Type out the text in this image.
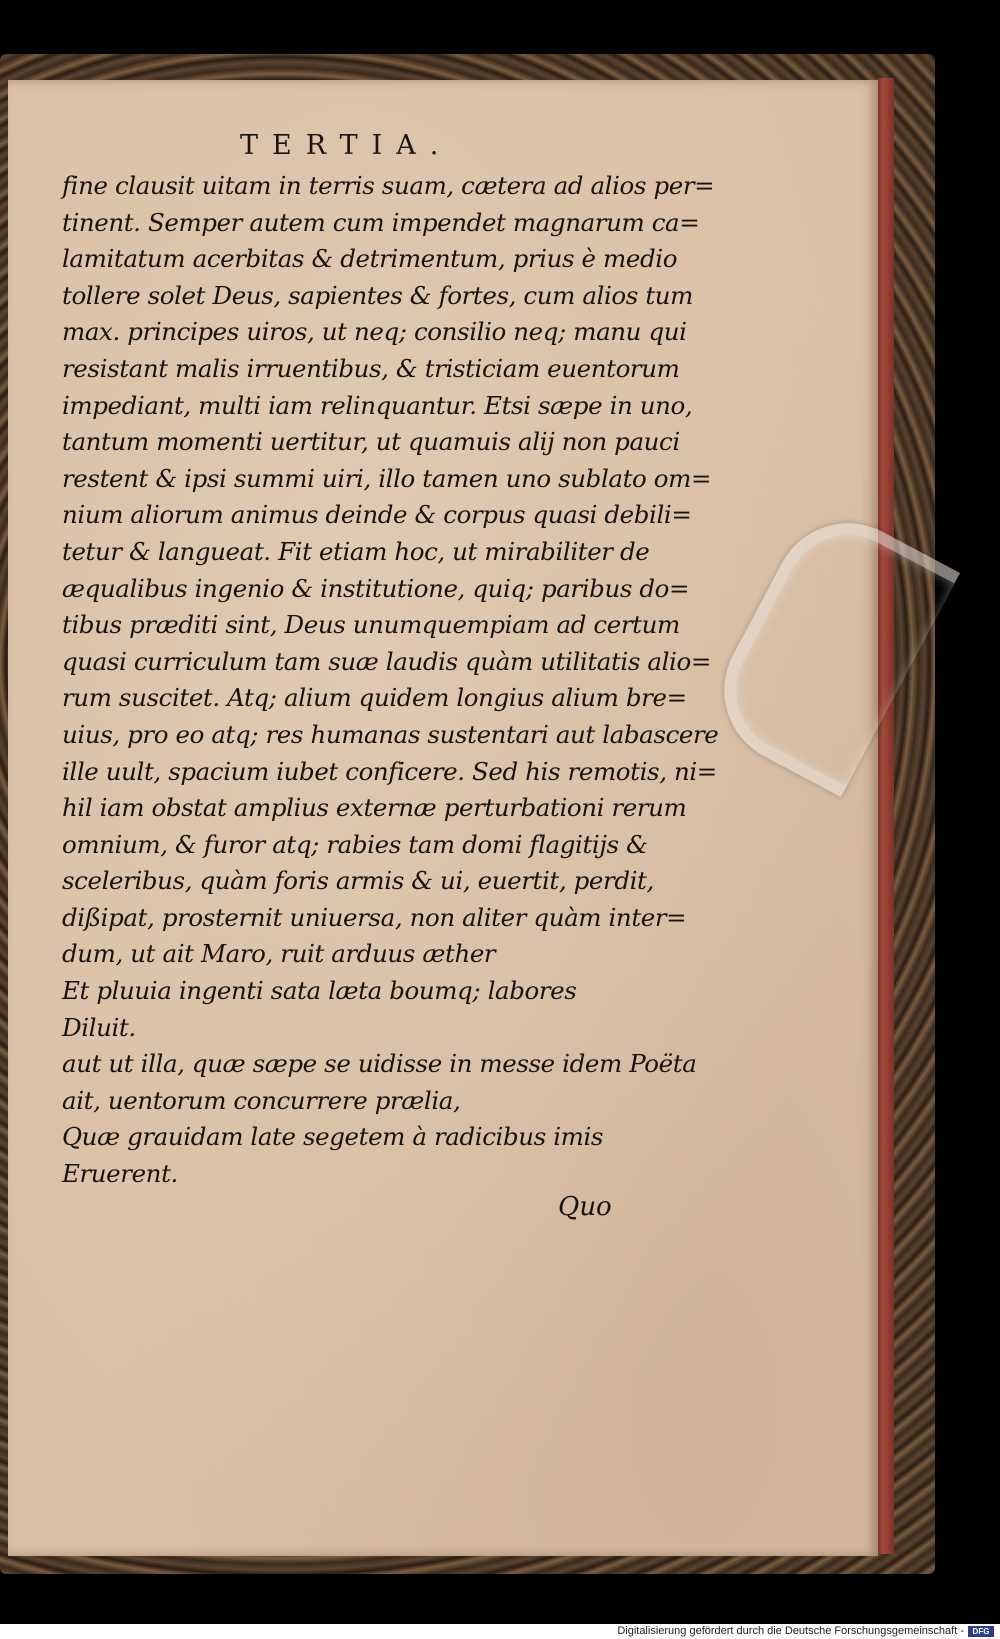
TERTIA.
fine clausit uitam in terris suam, cætera ad alios per=
tinent. Semper autem cum impendet magnarum ca=
lamitatum acerbitas & detrimentum, prius è medio
tollere solet Deus, sapientes & fortes, cum alios tum
max. principes uiros, ut neq; consilio neq; manu qui
resistant malis irruentibus, & tristiciam euentorum
impediant, multi iam relinquantur. Etsi sæpe in uno,
tantum momenti uertitur, ut quamuis alij non pauci
restent & ipsi summi uiri, illo tamen uno sublato om=
nium aliorum animus deinde & corpus quasi debili=
tetur & langueat. Fit etiam hoc, ut mirabiliter de
æqualibus ingenio & institutione, quiq; paribus do=
tibus præditi sint, Deus unumquempiam ad certum
quasi curriculum tam suæ laudis quàm utilitatis alio=
rum suscitet. Atq; alium quidem longius alium bre=
uius, pro eo atq; res humanas sustentari aut labascere
ille uult, spacium iubet conficere. Sed his remotis, ni=
hil iam obstat amplius externæ perturbationi rerum
omnium, & furor atq; rabies tam domi flagitijs &
sceleribus, quàm foris armis & ui, euertit, perdit,
dißipat, prosternit uniuersa, non aliter quàm inter=
dum, ut ait Maro, ruit arduus æther
Et pluuia ingenti sata læta boumq; labores
Diluit.
aut ut illa, quæ sæpe se uidisse in messe idem Poëta
ait, uentorum concurrere prælia,
Quæ grauidam late segetem à radicibus imis
Eruerent.
Quo
Digitalisierung gefördert durch die Deutsche Forschungsgemeinschaft -	DFG
